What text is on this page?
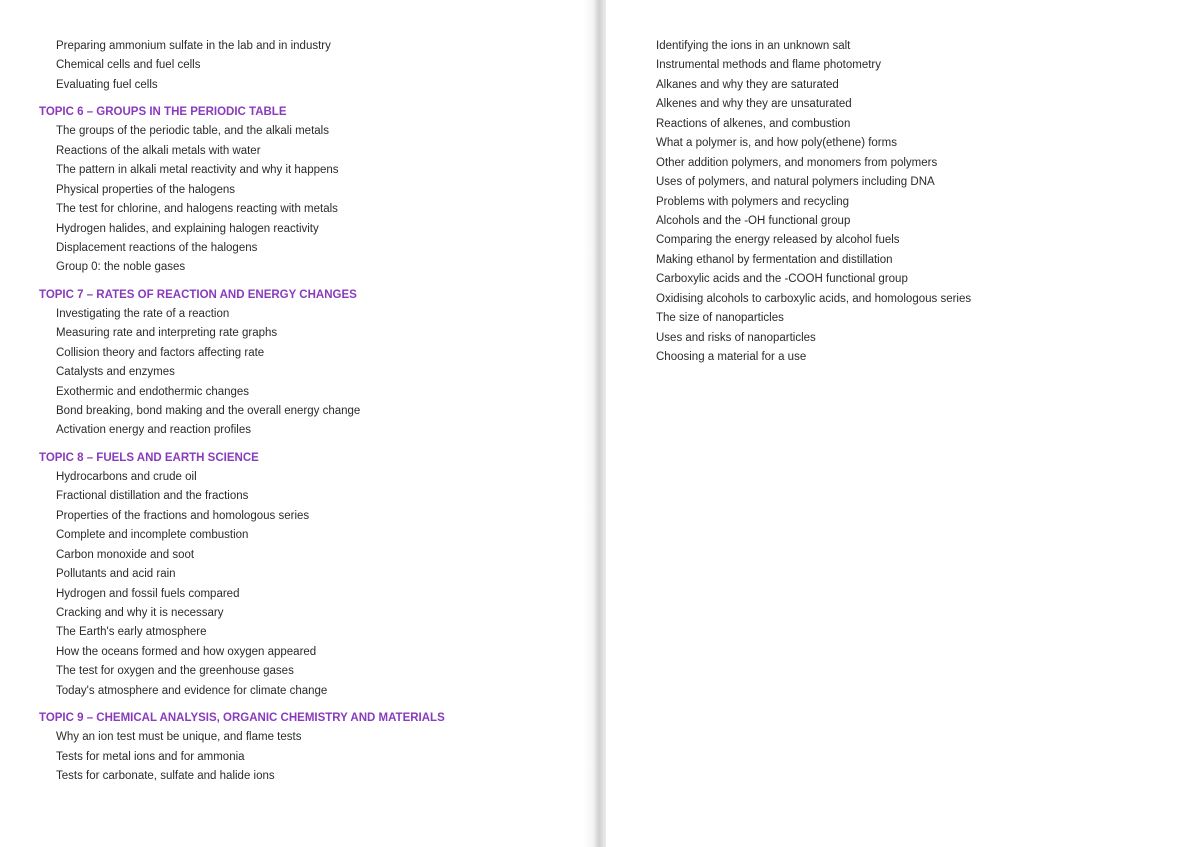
Preparing ammonium sulfate in the lab and in industry
Chemical cells and fuel cells
Evaluating fuel cells
TOPIC 6 – GROUPS IN THE PERIODIC TABLE
The groups of the periodic table, and the alkali metals
Reactions of the alkali metals with water
The pattern in alkali metal reactivity and why it happens
Physical properties of the halogens
The test for chlorine, and halogens reacting with metals
Hydrogen halides, and explaining halogen reactivity
Displacement reactions of the halogens
Group 0: the noble gases
TOPIC 7 – RATES OF REACTION AND ENERGY CHANGES
Investigating the rate of a reaction
Measuring rate and interpreting rate graphs
Collision theory and factors affecting rate
Catalysts and enzymes
Exothermic and endothermic changes
Bond breaking, bond making and the overall energy change
Activation energy and reaction profiles
TOPIC 8 – FUELS AND EARTH SCIENCE
Hydrocarbons and crude oil
Fractional distillation and the fractions
Properties of the fractions and homologous series
Complete and incomplete combustion
Carbon monoxide and soot
Pollutants and acid rain
Hydrogen and fossil fuels compared
Cracking and why it is necessary
The Earth's early atmosphere
How the oceans formed and how oxygen appeared
The test for oxygen and the greenhouse gases
Today's atmosphere and evidence for climate change
TOPIC 9 – CHEMICAL ANALYSIS, ORGANIC CHEMISTRY AND MATERIALS
Why an ion test must be unique, and flame tests
Tests for metal ions and for ammonia
Tests for carbonate, sulfate and halide ions
Identifying the ions in an unknown salt
Instrumental methods and flame photometry
Alkanes and why they are saturated
Alkenes and why they are unsaturated
Reactions of alkenes, and combustion
What a polymer is, and how poly(ethene) forms
Other addition polymers, and monomers from polymers
Uses of polymers, and natural polymers including DNA
Problems with polymers and recycling
Alcohols and the -OH functional group
Comparing the energy released by alcohol fuels
Making ethanol by fermentation and distillation
Carboxylic acids and the -COOH functional group
Oxidising alcohols to carboxylic acids, and homologous series
The size of nanoparticles
Uses and risks of nanoparticles
Choosing a material for a use
